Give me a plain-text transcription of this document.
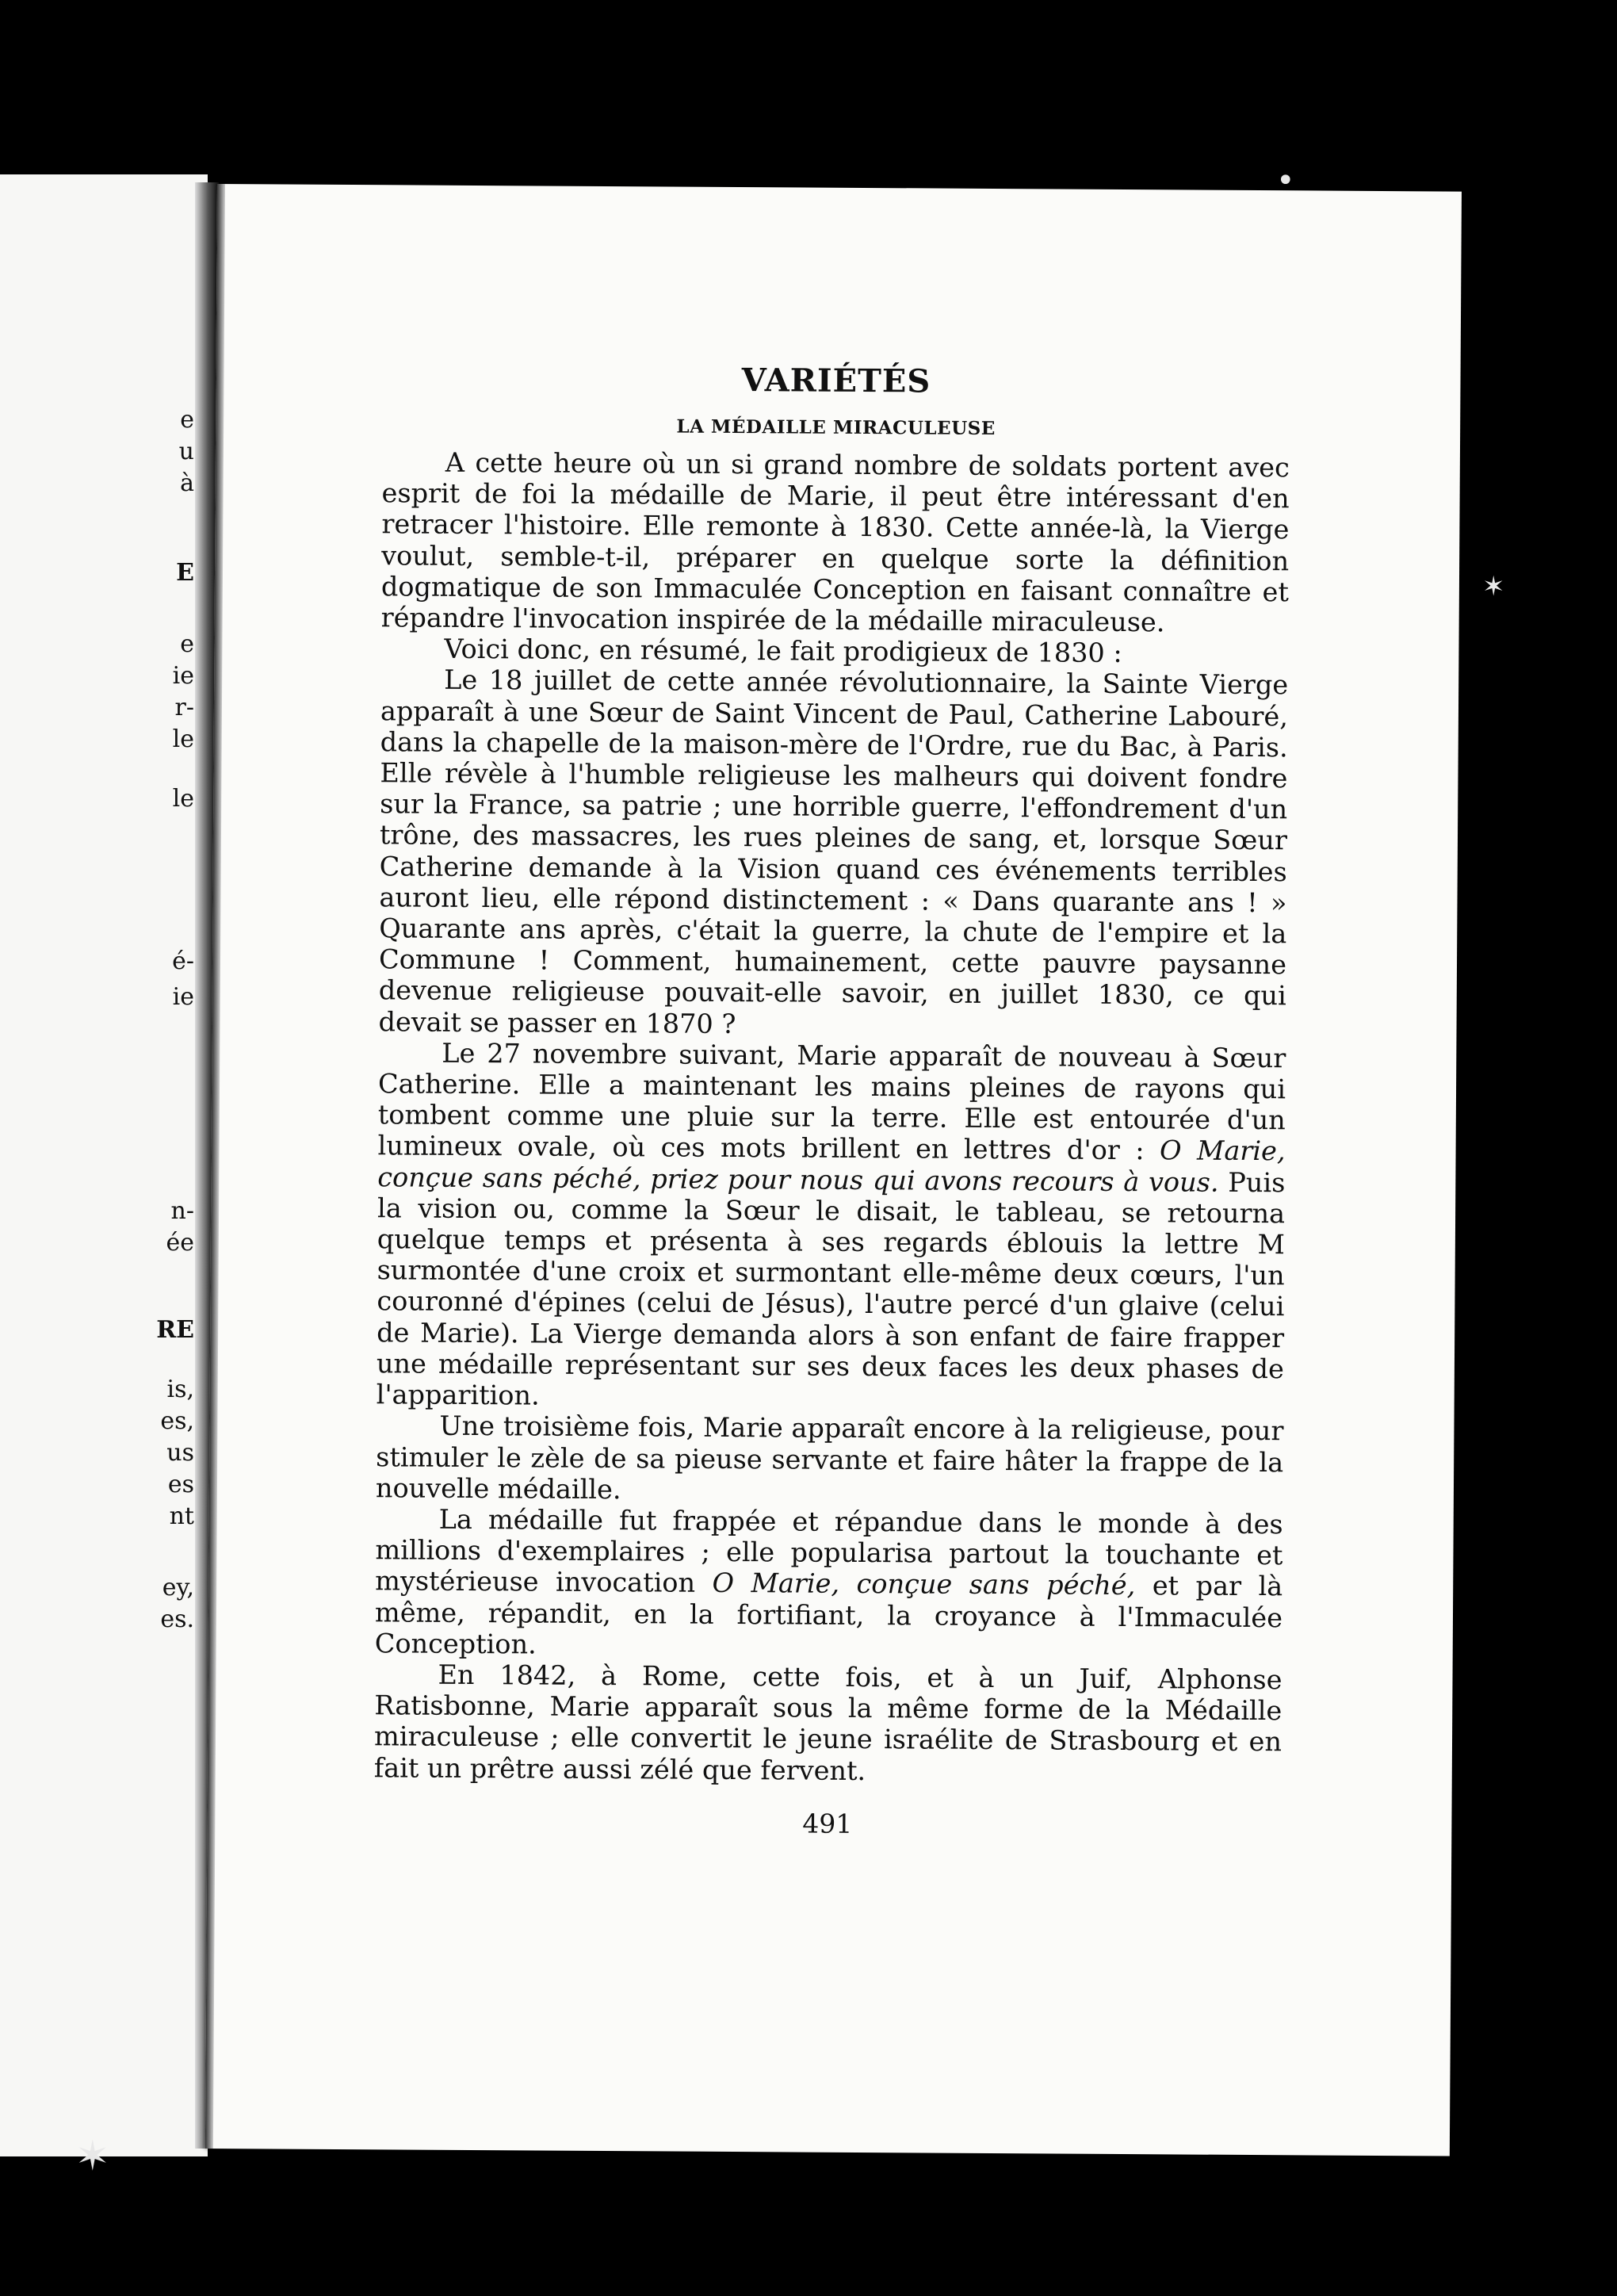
e
u
à
E
e
ie
r-
le
le
é-
ie
n-
ée
RE
is,
es,
us
es
nt
ey,
es.
VARIÉTÉS
LA MÉDAILLE MIRACULEUSE

A cette heure où un si grand nombre de soldats portent avec esprit de foi la médaille de Marie, il peut être intéressant d'en retracer l'histoire. Elle remonte à 1830. Cette année-là, la Vierge voulut, semble-t-il, préparer en quelque sorte la définition dogmatique de son Immaculée Conception en faisant connaître et répandre l'invocation inspirée de la médaille miraculeuse.

Voici donc, en résumé, le fait prodigieux de 1830 :

Le 18 juillet de cette année révolutionnaire, la Sainte Vierge apparaît à une Sœur de Saint Vincent de Paul, Catherine Labouré, dans la chapelle de la maison-mère de l'Ordre, rue du Bac, à Paris. Elle révèle à l'humble religieuse les malheurs qui doivent fondre sur la France, sa patrie ; une horrible guerre, l'effondrement d'un trône, des massacres, les rues pleines de sang, et, lorsque Sœur Catherine demande à la Vision quand ces événements terribles auront lieu, elle répond distinctement : « Dans quarante ans ! » Quarante ans après, c'était la guerre, la chute de l'empire et la Commune ! Comment, humainement, cette pauvre paysanne devenue religieuse pouvait-elle savoir, en juillet 1830, ce qui devait se passer en 1870 ?

Le 27 novembre suivant, Marie apparaît de nouveau à Sœur Catherine. Elle a maintenant les mains pleines de rayons qui tombent comme une pluie sur la terre. Elle est entourée d'un lumineux ovale, où ces mots brillent en lettres d'or : O Marie, conçue sans péché, priez pour nous qui avons recours à vous. Puis la vision ou, comme la Sœur le disait, le tableau, se retourna quelque temps et présenta à ses regards éblouis la lettre M surmontée d'une croix et surmontant elle-même deux cœurs, l'un couronné d'épines (celui de Jésus), l'autre percé d'un glaive (celui de Marie). La Vierge demanda alors à son enfant de faire frapper une médaille représentant sur ses deux faces les deux phases de l'apparition.

Une troisième fois, Marie apparaît encore à la religieuse, pour stimuler le zèle de sa pieuse servante et faire hâter la frappe de la nouvelle médaille.

La médaille fut frappée et répandue dans le monde à des millions d'exemplaires ; elle popularisa partout la touchante et mystérieuse invocation O Marie, conçue sans péché, et par là même, répandit, en la fortifiant, la croyance à l'Immaculée Conception.

En 1842, à Rome, cette fois, et à un Juif, Alphonse Ratisbonne, Marie apparaît sous la même forme de la Médaille miraculeuse ; elle convertit le jeune israélite de Strasbourg et en fait un prêtre aussi zélé que fervent.

491
•
✶
✶
